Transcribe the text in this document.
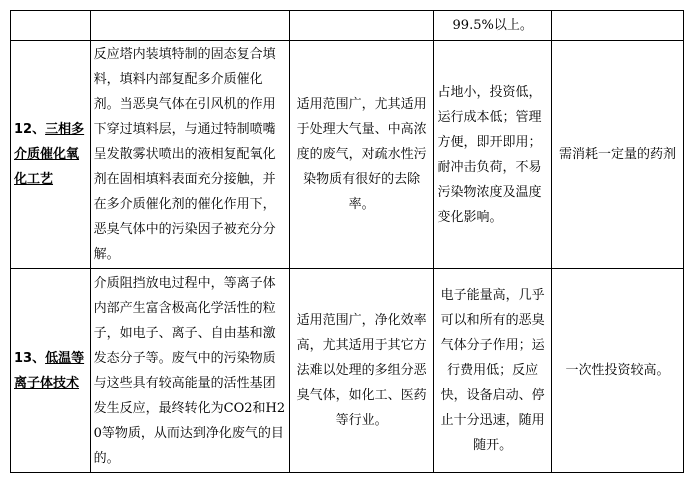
			99.5%以上。	
12、三相多介质催化氧化工艺	反应塔内装填特制的固态复合填料，填料内部复配多介质催化剂。当恶臭气体在引风机的作用下穿过填料层，与通过特制喷嘴呈发散雾状喷出的液相复配氧化剂在固相填料表面充分接触，并在多介质催化剂的催化作用下，恶臭气体中的污染因子被充分分解。	适用范围广，尤其适用于处理大气量、中高浓度的废气，对疏水性污染物质有很好的去除率。	占地小，投资低，运行成本低；管理方便，即开即用；耐冲击负荷，不易污染物浓度及温度变化影响。	需消耗一定量的药剂
13、低温等离子体技术	介质阻挡放电过程中，等离子体内部产生富含极高化学活性的粒子，如电子、离子、自由基和激发态分子等。废气中的污染物质与这些具有较高能量的活性基团发生反应，最终转化为CO2和H20等物质，从而达到净化废气的目的。	适用范围广，净化效率高，尤其适用于其它方法难以处理的多组分恶臭气体，如化工、医药等行业。	电子能量高，几乎可以和所有的恶臭气体分子作用；运行费用低；反应快，设备启动、停止十分迅速，随用随开。	一次性投资较高。
